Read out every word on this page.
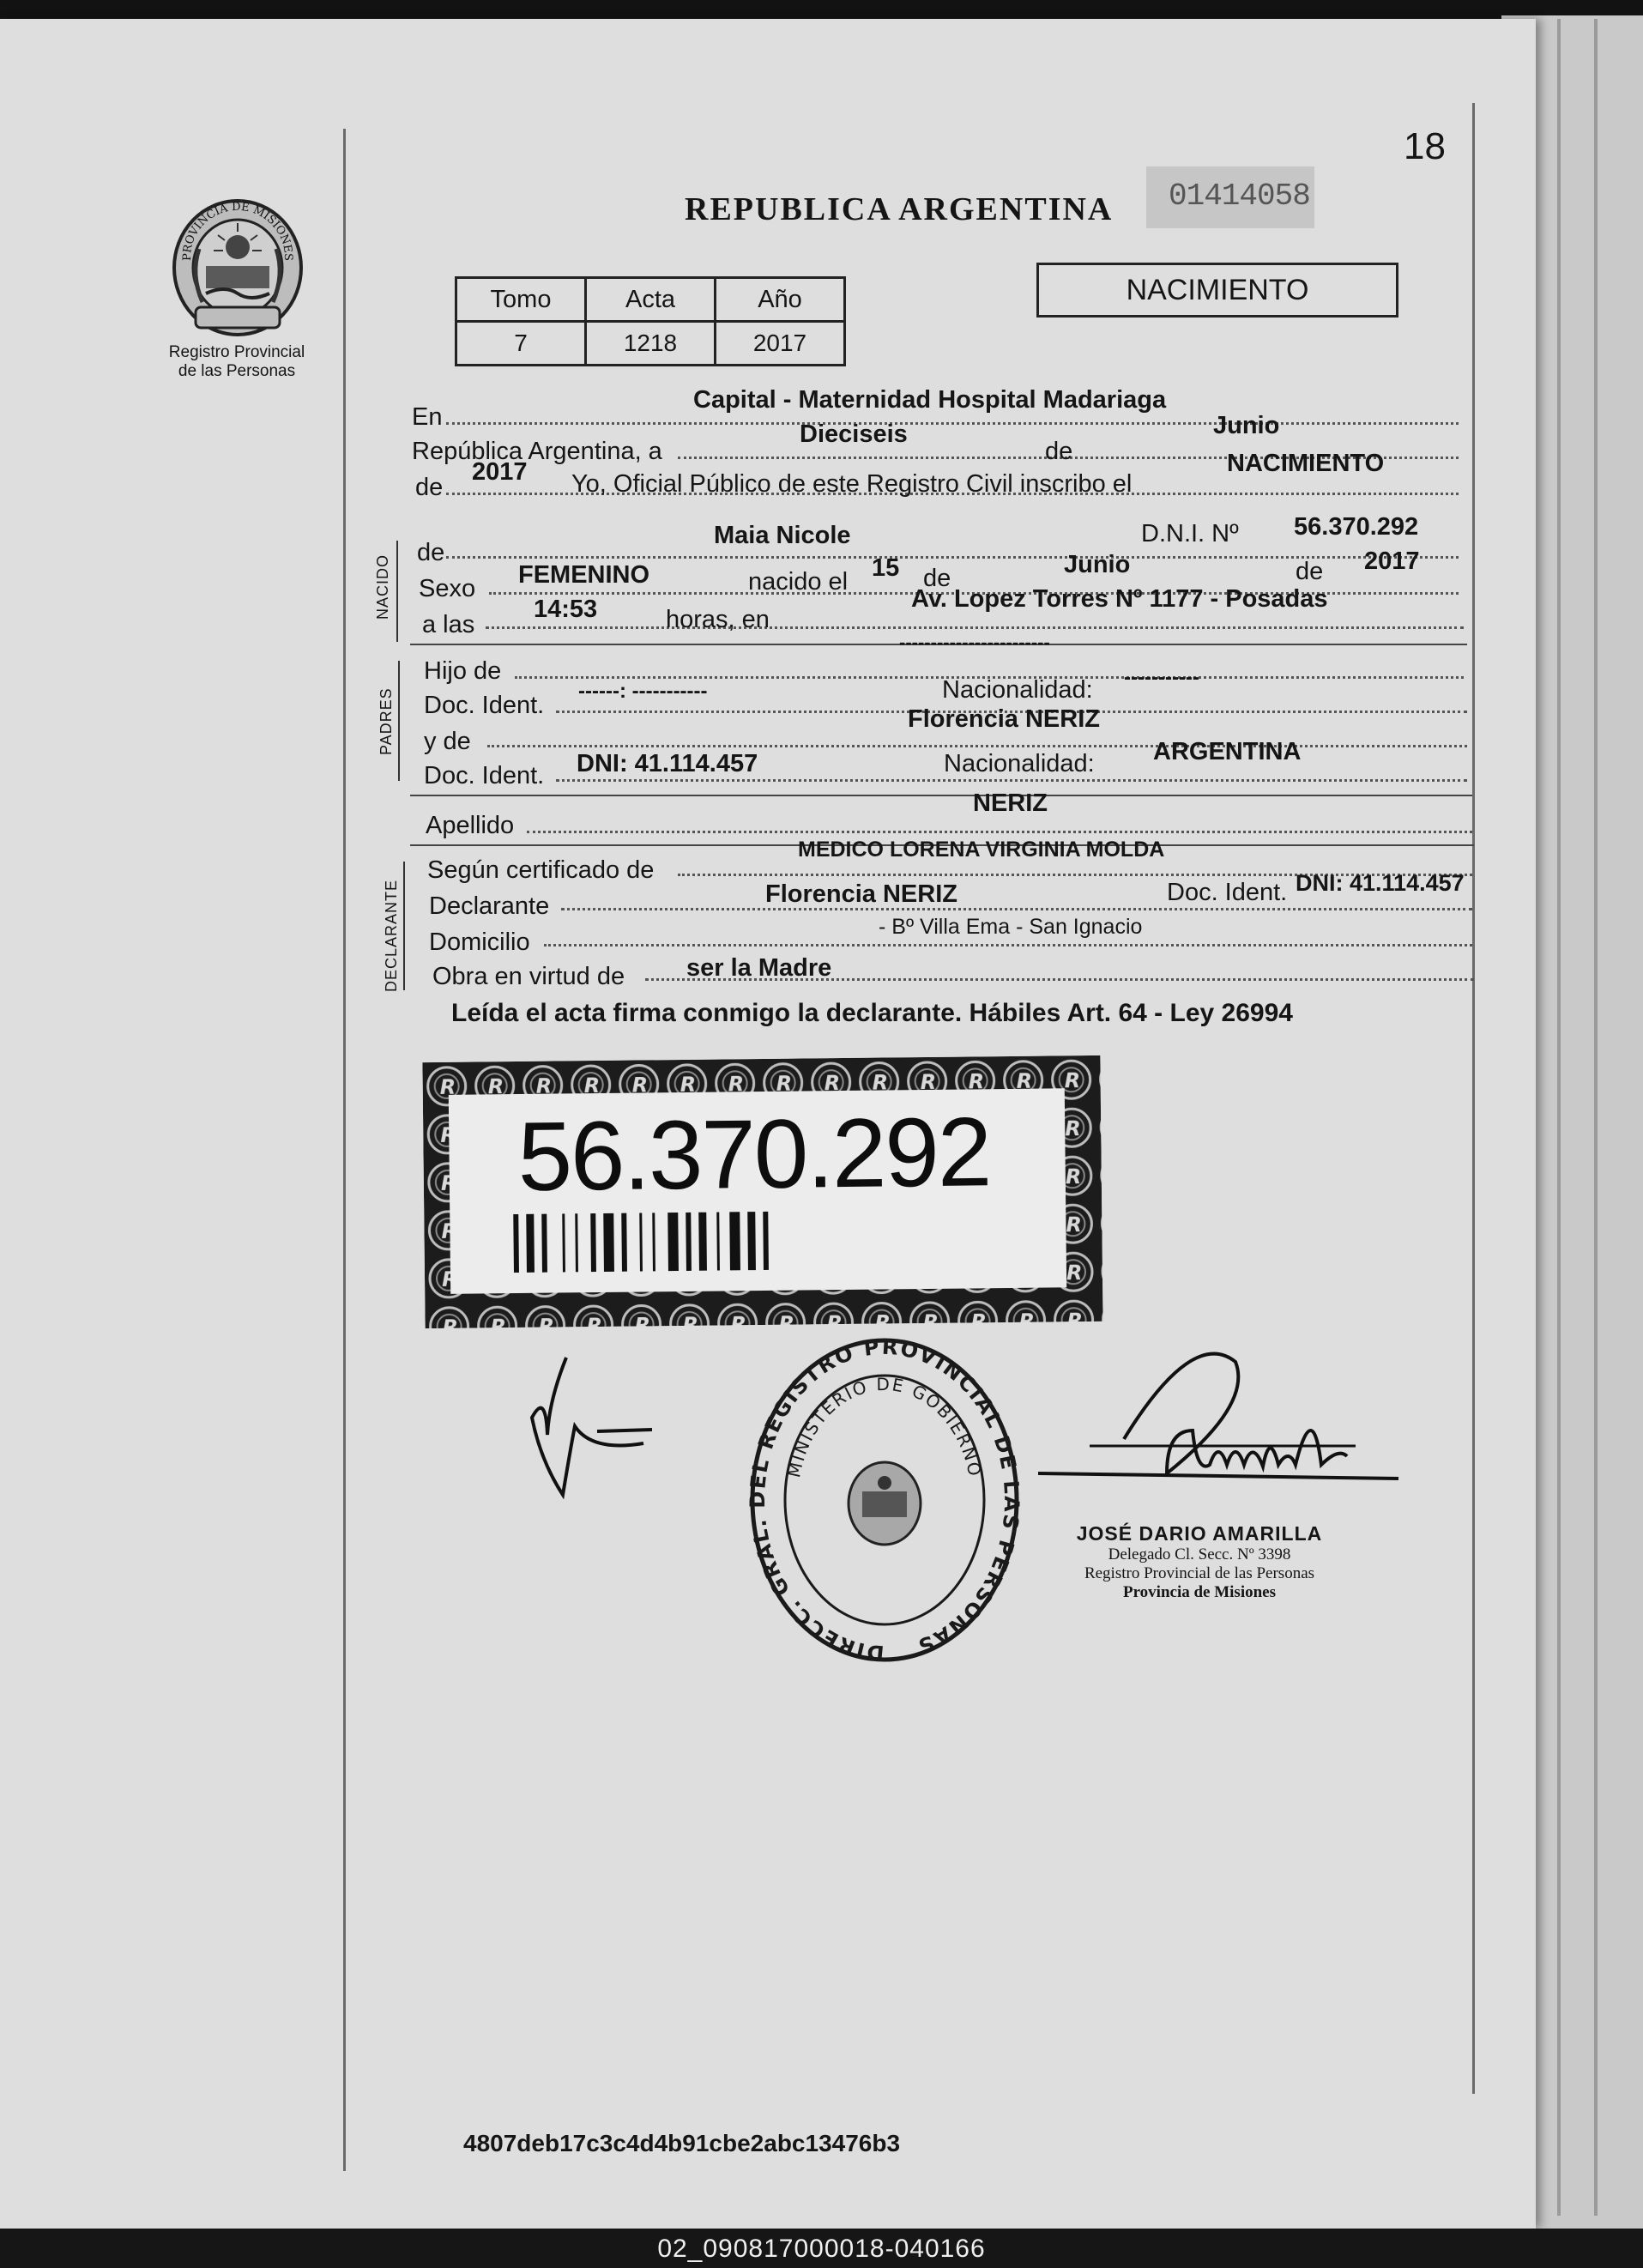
18
PROVINCIA DE MISIONES
Registro Provincial
de las Personas
REPUBLICA ARGENTINA 01414058
Tomo	Acta	Año
7	1218	2017
NACIMIENTO
En
Capital - Maternidad Hospital Madariaga
República Argentina, a
Dieciseis
de
Junio
de
2017 Yo, Oficial Público de este Registro Civil inscribo el
NACIMIENTO
NACIDO
de
Maia Nicole	D.N.I. Nº 56.370.292
Sexo FEMENINO	nacido el 15 de	Junio	de 2017
a las
14:53	horas, en
Av. Lopez Torres Nº 1177 - Posadas
PADRES
Hijo de
------------------------
Doc. Ident.
------: -----------	Nacionalidad: -----------
y de
Florencia NERIZ
Doc. Ident. DNI: 41.114.457	Nacionalidad: ARGENTINA
Apellido
NERIZ
DECLARANTE
Según certificado de
MEDICO LORENA VIRGINIA MOLDA
Declarante	Florencia NERIZ	Doc. Ident. DNI: 41.114.457
Domicilio
- Bº Villa Ema - San Ignacio
Obra en virtud de ser la Madre
Leída el acta firma conmigo la declarante. Hábiles Art. 64 - Ley 26994
56.370.292
DIRECC. GRAL. DEL REGISTRO PROVINCIAL DE LAS PERSONAS
MINISTERIO DE GOBIERNO
JOSÉ DARIO AMARILLA
Delegado Cl. Secc. Nº 3398
Registro Provincial de las Personas
Provincia de Misiones
4807deb17c3c4d4b91cbe2abc13476b3
02_090817000018-040166
